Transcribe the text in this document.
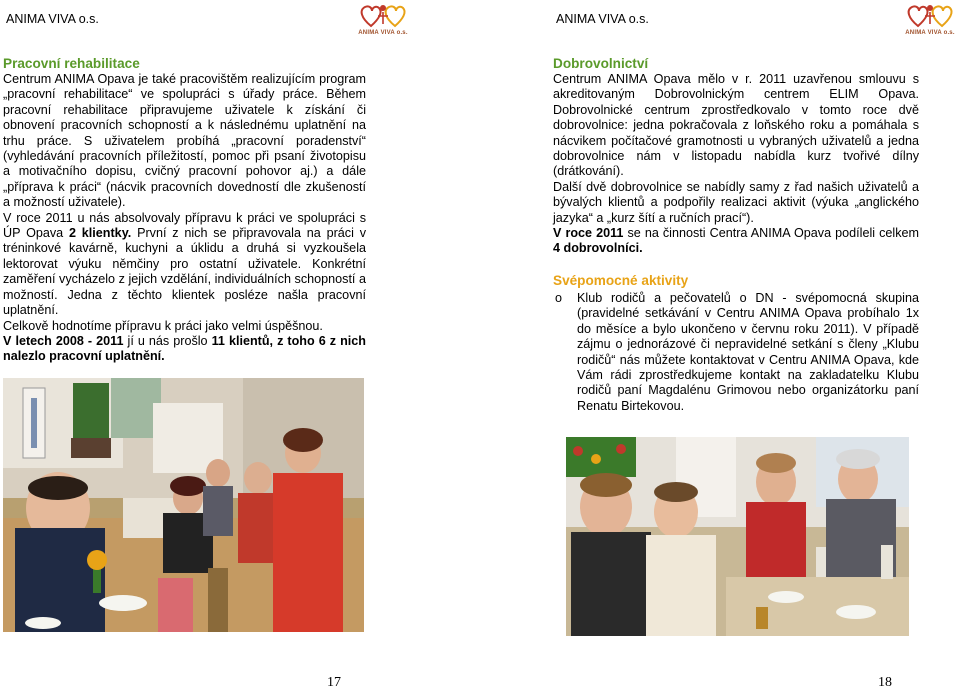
ANIMA VIVA o.s.
ANIMA VIVA o.s.
Pracovní rehabilitace

Centrum ANIMA Opava je také pracovištěm realizujícím program „pracovní rehabilitace“ ve spolupráci s úřady práce. Během pracovní rehabilitace připravujeme uživatele k získání či obnovení pracovních schopností a k následnému uplatnění na trhu práce. S uživatelem probíhá „pracovní poradenství“ (vyhledávání pracovních příležitostí, pomoc při psaní životopisu a motivačního dopisu, cvičný pracovní pohovor aj.) a dále „příprava k práci“ (nácvik pracovních dovedností dle zkušeností a možností uživatele).

V roce 2011 u nás absolvovaly přípravu k práci ve spolupráci s ÚP Opava 2 klientky. První z nich se připravovala na práci v tréninkové kavárně, kuchyni a úklidu a druhá si vyzkoušela lektorovat výuku němčiny pro ostatní uživatele. Konkrétní zaměření vycházelo z jejich vzdělání, individuálních schopností a možností. Jedna z těchto klientek posléze našla pracovní uplatnění.

Celkově hodnotíme přípravu k práci jako velmi úspěšnou.

V letech 2008 - 2011 jí u nás prošlo 11 klientů, z toho 6 z nich nalezlo pracovní uplatnění.

17
ANIMA VIVA o.s.
ANIMA VIVA o.s.
Dobrovolnictví

Centrum ANIMA Opava mělo v r. 2011 uzavřenou smlouvu s akreditovaným Dobrovolnickým centrem ELIM Opava. Dobrovolnické centrum zprostředkovalo v tomto roce dvě dobrovolnice: jedna pokračovala z loňského roku a pomáhala s nácvikem počítačové gramotnosti u vybraných uživatelů a jedna dobrovolnice nám v listopadu nabídla kurz tvořivé dílny (drátkování).

Další dvě dobrovolnice se nabídly samy z řad našich uživatelů a bývalých klientů a podpořily realizaci aktivit (výuka „anglického jazyka“ a „kurz šítí a ručních prací“).

V roce 2011 se na činnosti Centra ANIMA Opava podíleli celkem 4 dobrovolníci.

Svépomocné aktivity
o	Klub rodičů a pečovatelů o DN - svépomocná skupina (pravidelné setkávání v Centru ANIMA Opava probíhalo 1x do měsíce a bylo ukončeno v červnu roku 2011). V případě zájmu o jednorázové či nepravidelné setkání s členy „Klubu rodičů“ nás můžete kontaktovat v Centru ANIMA Opava, kde Vám rádi zprostředkujeme kontakt na zakladatelku Klubu rodičů paní Magdalénu Grimovou nebo organizátorku paní Renatu Birtekovou.
18
